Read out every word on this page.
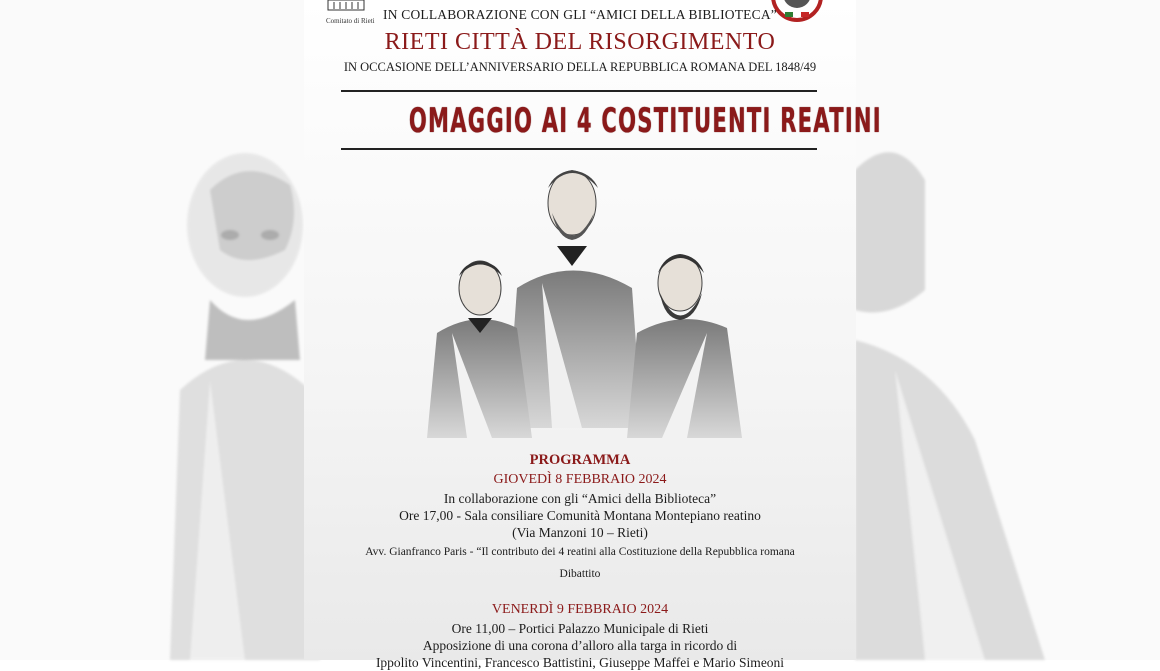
Comitato di Rieti IN COLLABORAZIONE CON GLI “AMICI DELLA BIBLIOTECA”
RIETI CITTÀ DEL RISORGIMENTO
IN OCCASIONE DELL’ANNIVERSARIO DELLA REPUBBLICA ROMANA DEL 1848/49
OMAGGIO AI 4 COSTITUENTI REATINI
PROGRAMMA
GIOVEDÌ 8 FEBBRAIO 2024
In collaborazione con gli “Amici della Biblioteca”
Ore 17,00 - Sala consiliare Comunità Montana Montepiano reatino
(Via Manzoni 10 – Rieti)
Avv. Gianfranco Paris - “Il contributo dei 4 reatini alla Costituzione della Repubblica romana
Dibattito
VENERDÌ 9 FEBBRAIO 2024
Ore 11,00 – Portici Palazzo Municipale di Rieti
Apposizione di una corona d’alloro alla targa in ricordo di
Ippolito Vincentini, Francesco Battistini, Giuseppe Maffei e Mario Simeoni
